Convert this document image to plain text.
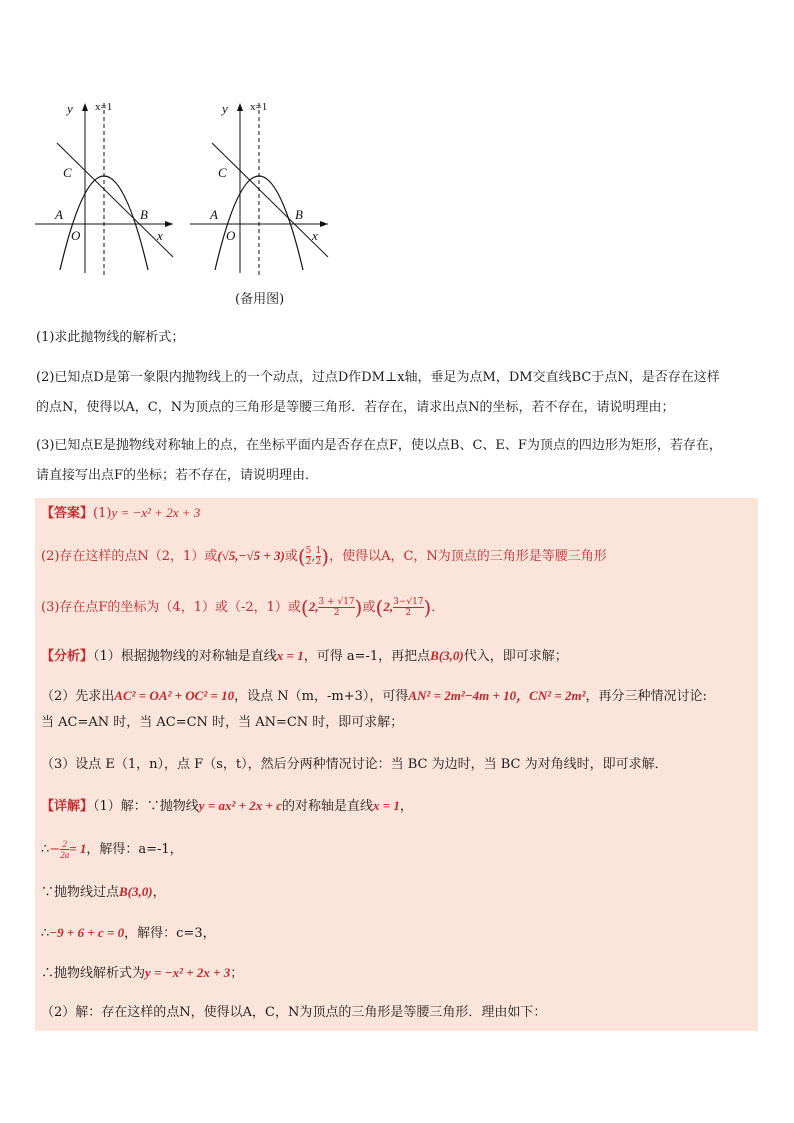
y x=1
C
A	B
O	x
y x=1
C
A	B
O	x
(备用图)
(1)求此抛物线的解析式；
(2)已知点D是第一象限内抛物线上的一个动点，过点D作DM⊥x轴，垂足为点M，DM交直线BC于点N，是否存在这样
的点N，使得以A，C，N为顶点的三角形是等腰三角形．若存在，请求出点N的坐标，若不存在，请说明理由；
(3)已知点E是抛物线对称轴上的点，在坐标平面内是否存在点F，使以点B、C、E、F为顶点的四边形为矩形，若存在，
请直接写出点F的坐标；若不存在，请说明理由．
【答案】(1)y = −x² + 2x + 3
(2)存在这样的点N（2，1）或(√5,−√5 + 3)或( $\frac{5}{2}$ , $\frac{1}{2}$ )，使得以A，C，N为顶点的三角形是等腰三角形
(3)存在点F的坐标为（4，1）或（-2，1）或(2, $\frac{3 + √17}{2}$ )或(2, $\frac{3-√17}{2}$ )．
【分析】（1）根据抛物线的对称轴是直线x = 1，可得 a=-1，再把点B(3,0)代入，即可求解；
（2）先求出AC² = OA² + OC² = 10，设点 N（m，-m+3），可得AN² = 2m²−4m + 10，CN² = 2m²，再分三种情况讨论:
当 AC=AN 时，当 AC=CN 时，当 AN=CN 时，即可求解；
（3）设点 E（1，n），点 F（s，t），然后分两种情况讨论：当 BC 为边时，当 BC 为对角线时，即可求解．
【详解】（1）解：∵抛物线y = ax² + 2x + c的对称轴是直线x = 1，
∴− $\frac{2}{2a} = 1$，解得：a=-1，
∵抛物线过点B(3,0)，
∴−9 + 6 + c = 0，解得：c=3，
∴抛物线解析式为y = −x² + 2x + 3；
（2）解：存在这样的点N，使得以A，C，N为顶点的三角形是等腰三角形．理由如下：
